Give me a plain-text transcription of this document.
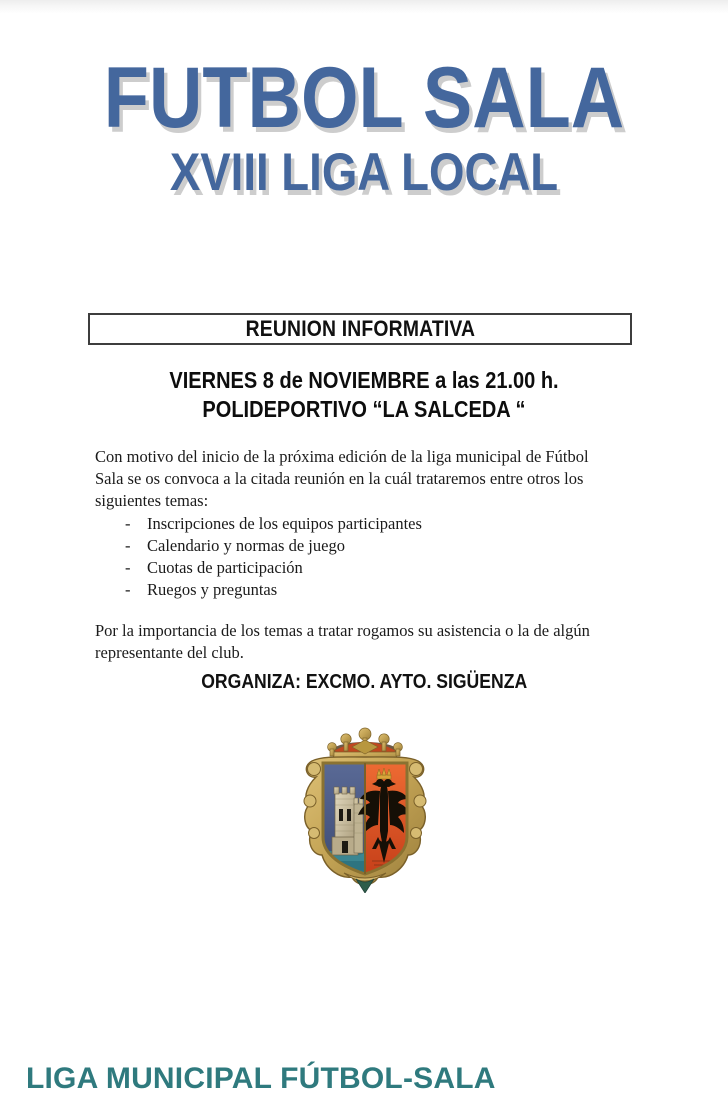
FUTBOL SALA
XVIII LIGA LOCAL
REUNION INFORMATIVA
VIERNES 8 de NOVIEMBRE a las 21.00 h.
POLIDEPORTIVO “LA SALCEDA “

Con motivo del inicio de la próxima edición de la liga municipal de Fútbol Sala se os convoca a la citada reunión en la cuál trataremos entre otros los siguientes temas:

- Inscripciones de los equipos participantes
- Calendario y normas de juego
- Cuotas de participación
- Ruegos y preguntas

Por la importancia de los temas a tratar rogamos su asistencia o la de algún representante del club.

ORGANIZA: EXCMO. AYTO. SIGÜENZA
LIGA MUNICIPAL FÚTBOL-SALA
